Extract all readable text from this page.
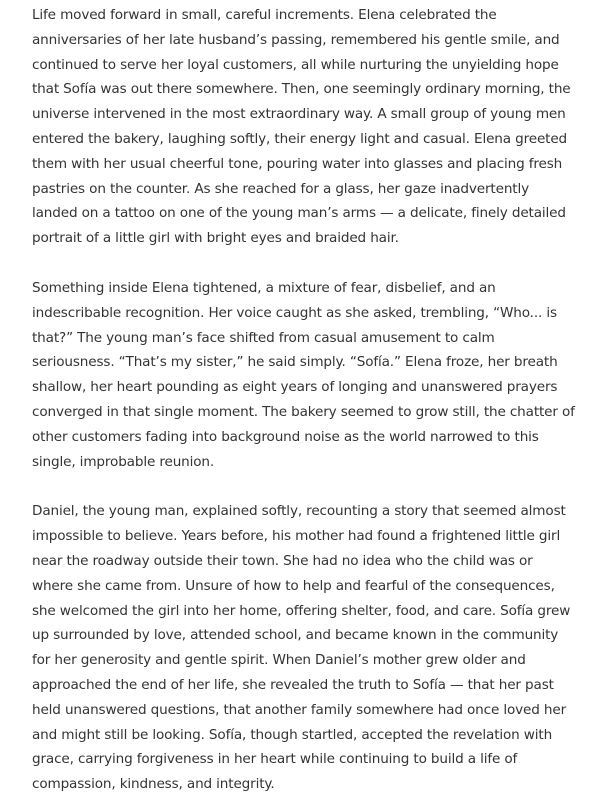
Life moved forward in small, careful increments. Elena celebrated the anniversaries of her late husband’s passing, remembered his gentle smile, and continued to serve her loyal customers, all while nurturing the unyielding hope that Sofía was out there somewhere. Then, one seemingly ordinary morning, the universe intervened in the most extraordinary way. A small group of young men entered the bakery, laughing softly, their energy light and casual. Elena greeted them with her usual cheerful tone, pouring water into glasses and placing fresh pastries on the counter. As she reached for a glass, her gaze inadvertently landed on a tattoo on one of the young man’s arms — a delicate, finely detailed portrait of a little girl with bright eyes and braided hair.

Something inside Elena tightened, a mixture of fear, disbelief, and an indescribable recognition. Her voice caught as she asked, trembling, “Who... is that?” The young man’s face shifted from casual amusement to calm seriousness. “That’s my sister,” he said simply. “Sofía.” Elena froze, her breath shallow, her heart pounding as eight years of longing and unanswered prayers converged in that single moment. The bakery seemed to grow still, the chatter of other customers fading into background noise as the world narrowed to this single, improbable reunion.

Daniel, the young man, explained softly, recounting a story that seemed almost impossible to believe. Years before, his mother had found a frightened little girl near the roadway outside their town. She had no idea who the child was or where she came from. Unsure of how to help and fearful of the consequences, she welcomed the girl into her home, offering shelter, food, and care. Sofía grew up surrounded by love, attended school, and became known in the community for her generosity and gentle spirit. When Daniel’s mother grew older and approached the end of her life, she revealed the truth to Sofía — that her past held unanswered questions, that another family somewhere had once loved her and might still be looking. Sofía, though startled, accepted the revelation with grace, carrying forgiveness in her heart while continuing to build a life of compassion, kindness, and integrity.
